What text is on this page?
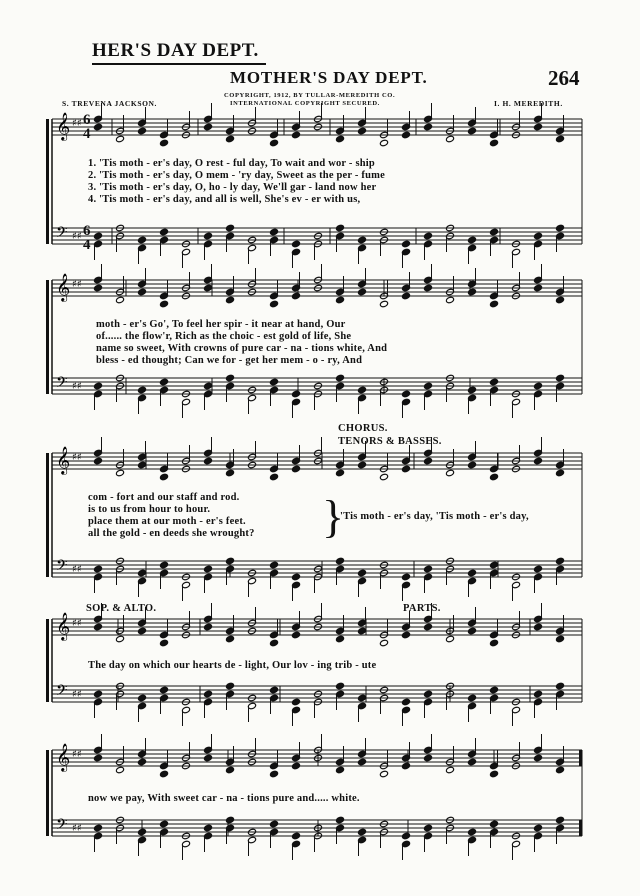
HER'S DAY DEPT.
MOTHER'S DAY DEPT.	264
S. TREVENA JACKSON.
COPYRIGHT, 1912, BY TULLAR-MEREDITH CO.
INTERNATIONAL COPYRIGHT SECURED.	I. H. MEREDITH.
𝄞 ♯♯
𝄢 ♯♯
𝄞 ♯♯
𝄢 ♯♯
𝄞 ♯♯
𝄢 ♯♯
𝄞 ♯♯
𝄢 ♯♯
𝄞 ♯♯
𝄢 ♯♯
6
4
6
4
1. 'Tis moth - er's day, O rest - ful day, To wait and wor - ship
2. 'Tis moth - er's day, O mem - 'ry day, Sweet as the per - fume
3. 'Tis moth - er's day, O, ho - ly day, We'll gar - land now her
4. 'Tis moth - er's day, and all is well, She's ev - er with us,
moth - er's Go', To feel her spir - it near at hand, Our
of...... the flow'r, Rich as the choic - est gold of life, She
name so sweet, With crowns of pure car - na - tions white, And
bless - ed thought; Can we for - get her mem - o - ry, And
CHORUS.
TENORS & BASSES.
com - fort and our staff and rod.
is to us from hour to hour.
place them at our moth - er's feet.
all the gold - en deeds she wrought? }
'Tis moth - er's day, 'Tis moth - er's day,
SOP. & ALTO.	PARTS.
The day on which our hearts de - light, Our lov - ing trib - ute
now we pay, With sweet car - na - tions pure and..... white.
